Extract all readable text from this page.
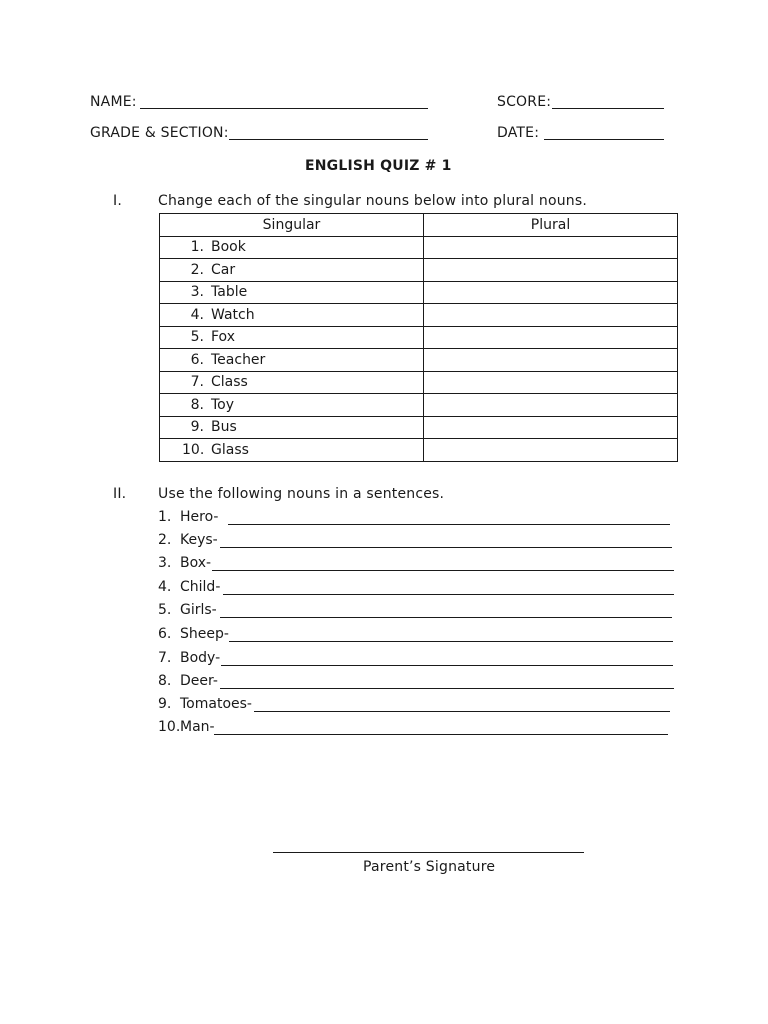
NAME:	SCORE:
GRADE & SECTION:	DATE:
ENGLISH QUIZ # 1
I.	Change each of the singular nouns below into plural nouns.
Singular	Plural
1. Book	
2. Car	
3. Table	
4. Watch	
5. Fox	
6. Teacher	
7. Class	
8. Toy	
9. Bus	
10. Glass	
II. Use the following nouns in a sentences.
1. Hero-
2. Keys-
3. Box-
4. Child-
5. Girls-
6. Sheep-
7. Body-
8. Deer-
9. Tomatoes-
10.Man-
Parent’s Signature
